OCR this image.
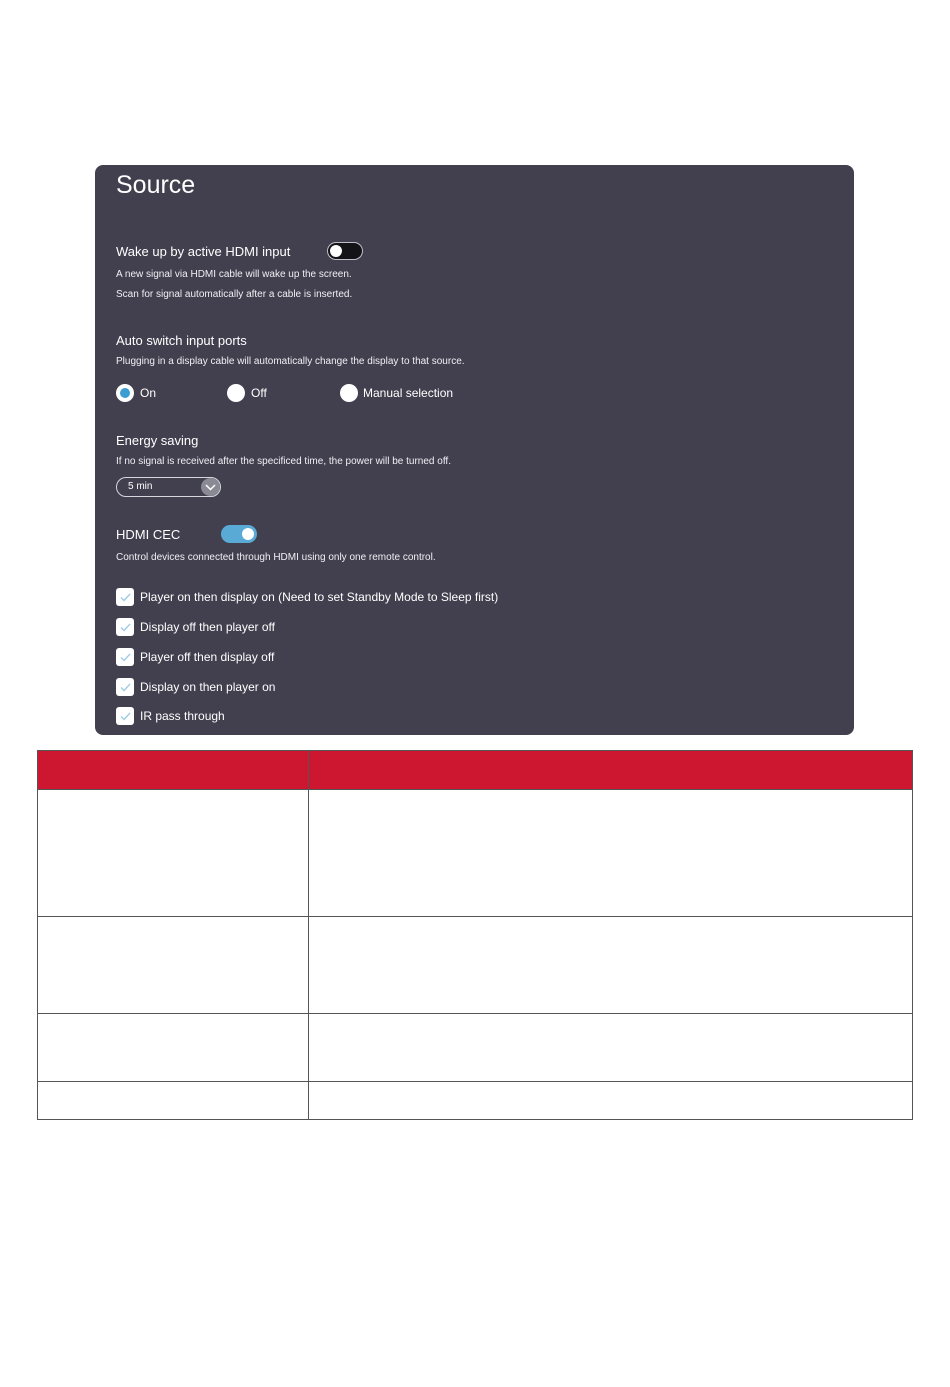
Source
Wake up by active HDMI input
A new signal via HDMI cable will wake up the screen.
Scan for signal automatically after a cable is inserted.
Auto switch input ports
Plugging in a display cable will automatically change the display to that source.
On	Off	Manual selection
Energy saving
If no signal is received after the specificed time, the power will be turned off.
5 min
HDMI CEC
Control devices connected through HDMI using only one remote control.
Player on then display on (Need to set Standby Mode to Sleep first)
Display off then player off
Player off then display off
Display on then player on
IR pass through
